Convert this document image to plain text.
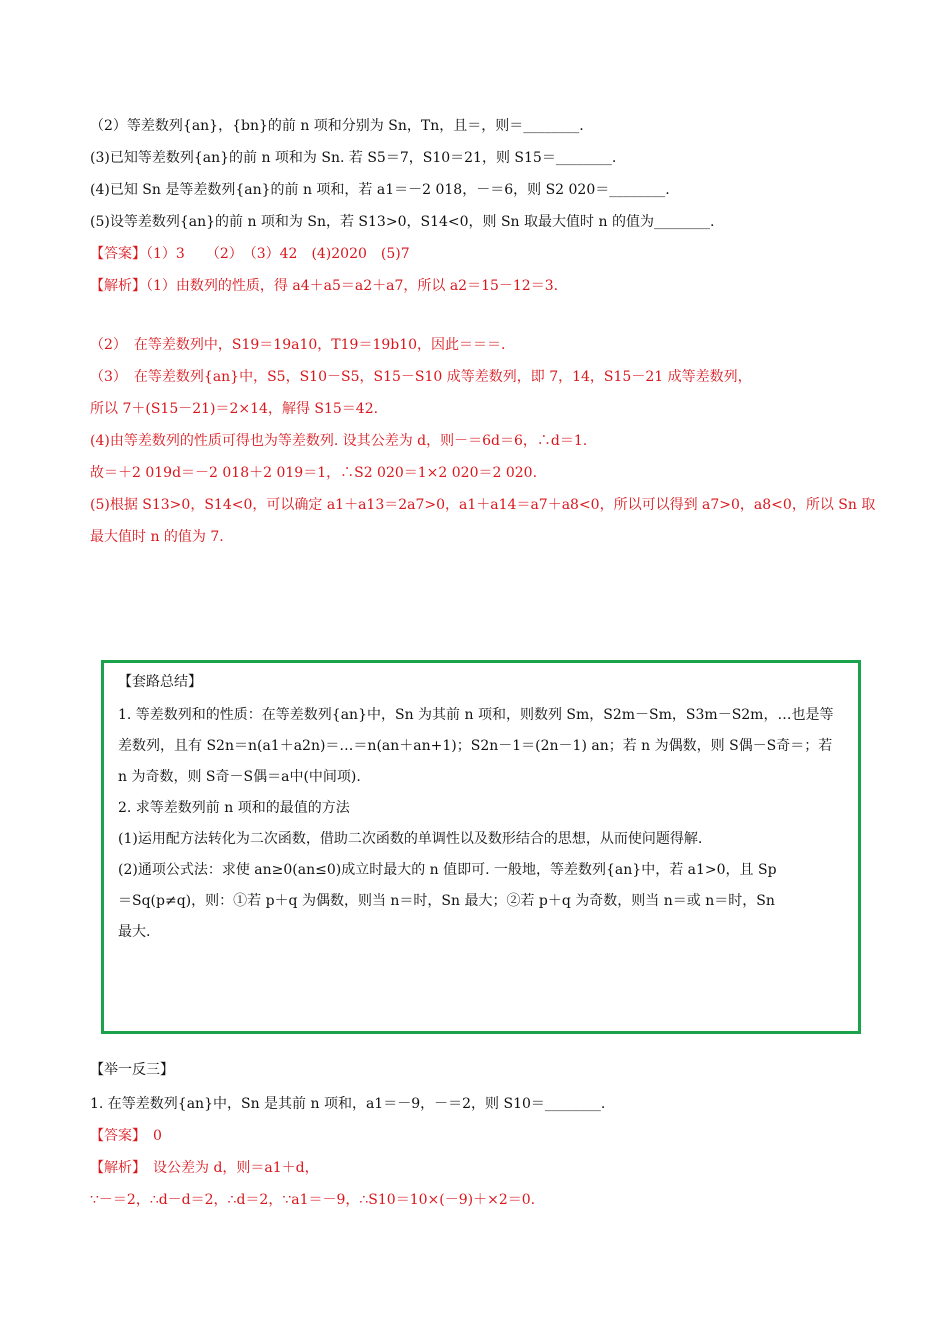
（2）等差数列{an}，{bn}的前 n 项和分别为 Sn，Tn，且＝，则＝________.
(3)已知等差数列{an}的前 n 项和为 Sn. 若 S5＝7，S10＝21，则 S15＝________.
(4)已知 Sn 是等差数列{an}的前 n 项和，若 a1＝－2 018，－＝6，则 S2 020＝________.
(5)设等差数列{an}的前 n 项和为 Sn，若 S13>0，S14<0，则 Sn 取最大值时 n 的值为________.
【答案】（1）3　　（2）　（3）42　(4)2020　(5)7
【解析】（1）由数列的性质，得 a4＋a5＝a2＋a7，所以 a2＝15－12＝3.
（2）　在等差数列中，S19＝19a10，T19＝19b10，因此＝＝＝.
（3）　在等差数列{an}中，S5，S10－S5，S15－S10 成等差数列，即 7，14，S15－21 成等差数列，
所以 7＋(S15－21)＝2×14，解得 S15＝42.
(4)由等差数列的性质可得也为等差数列. 设其公差为 d，则－＝6d＝6，∴d＝1.
故＝＋2 019d＝－2 018＋2 019＝1，∴S2 020＝1×2 020＝2 020.
(5)根据 S13>0，S14<0，可以确定 a1＋a13＝2a7>0，a1＋a14＝a7＋a8<0，所以可以得到 a7>0，a8<0，所以 Sn 取
最大值时 n 的值为 7.
【套路总结】
1. 等差数列和的性质：在等差数列{an}中，Sn 为其前 n 项和，则数列 Sm，S2m－Sm，S3m－S2m，…也是等
差数列，且有 S2n＝n(a1＋a2n)＝…＝n(an＋an+1)；S2n－1＝(2n－1) an；若 n 为偶数，则 S偶－S奇＝；若
n 为奇数，则 S奇－S偶＝a中(中间项).
2. 求等差数列前 n 项和的最值的方法
(1)运用配方法转化为二次函数，借助二次函数的单调性以及数形结合的思想，从而使问题得解.
(2)通项公式法：求使 an≥0(an≤0)成立时最大的 n 值即可. 一般地，等差数列{an}中，若 a1>0，且 Sp
＝Sq(p≠q)，则：①若 p＋q 为偶数，则当 n＝时，Sn 最大；②若 p＋q 为奇数，则当 n＝或 n＝时，Sn
最大.
【举一反三】
1. 在等差数列{an}中，Sn 是其前 n 项和，a1＝－9，－＝2，则 S10＝________.
【答案】　0
【解析】　设公差为 d，则＝a1＋d，
∵－＝2，∴d－d＝2，∴d＝2，∵a1＝－9，∴S10＝10×(－9)＋×2＝0.
